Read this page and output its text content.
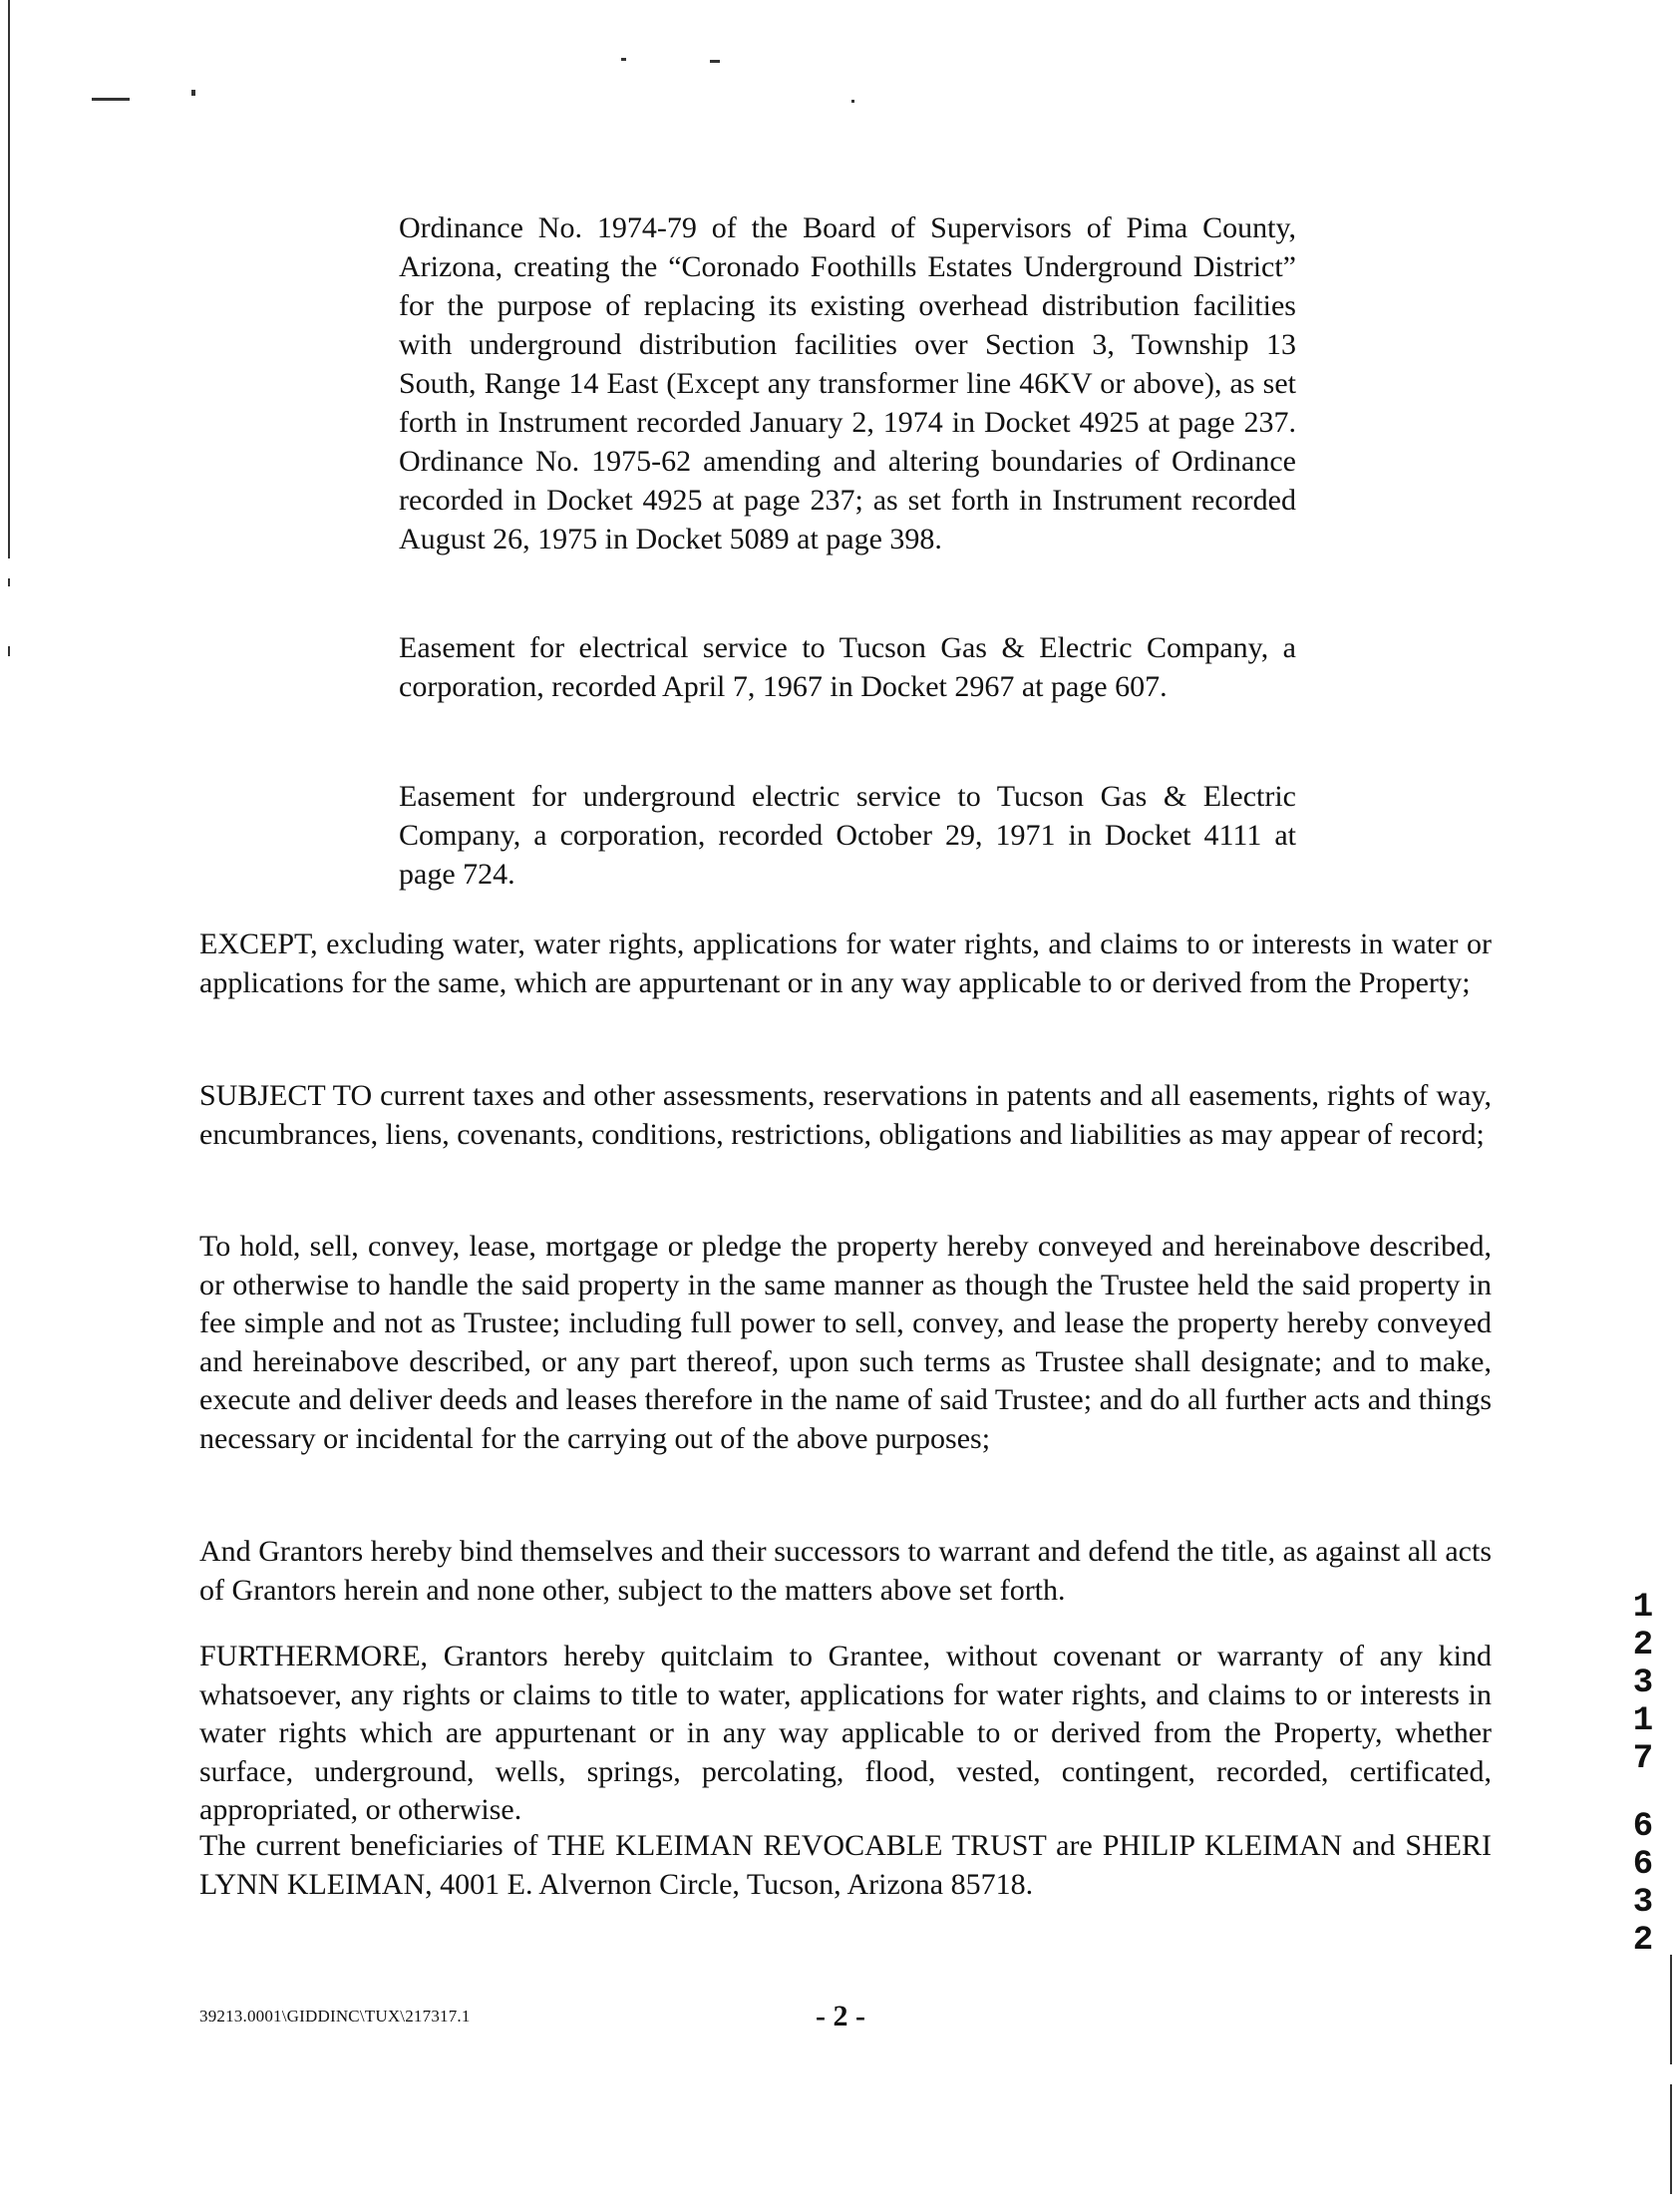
Ordinance No. 1974-79 of the Board of Supervisors of Pima County, Arizona, creating the “Coronado Foothills Estates Underground District” for the purpose of replacing its existing overhead distribution facilities with underground distribution facilities over Section 3, Township 13 South, Range 14 East (Except any transformer line 46KV or above), as set forth in Instrument recorded January 2, 1974 in Docket 4925 at page 237. Ordinance No. 1975-62 amending and altering boundaries of Ordinance recorded in Docket 4925 at page 237; as set forth in Instrument recorded August 26, 1975 in Docket 5089 at page 398.

Easement for electrical service to Tucson Gas & Electric Company, a corporation, recorded April 7, 1967 in Docket 2967 at page 607.

Easement for underground electric service to Tucson Gas & Electric Company, a corporation, recorded October 29, 1971 in Docket 4111 at page 724.

EXCEPT, excluding water, water rights, applications for water rights, and claims to or interests in water or applications for the same, which are appurtenant or in any way applicable to or derived from the Property;

SUBJECT TO current taxes and other assessments, reservations in patents and all easements, rights of way, encumbrances, liens, covenants, conditions, restrictions, obligations and liabilities as may appear of record;

To hold, sell, convey, lease, mortgage or pledge the property hereby conveyed and hereinabove described, or otherwise to handle the said property in the same manner as though the Trustee held the said property in fee simple and not as Trustee; including full power to sell, convey, and lease the property hereby conveyed and hereinabove described, or any part thereof, upon such terms as Trustee shall designate; and to make, execute and deliver deeds and leases therefore in the name of said Trustee; and do all further acts and things necessary or incidental for the carrying out of the above purposes;

And Grantors hereby bind themselves and their successors to warrant and defend the title, as against all acts of Grantors herein and none other, subject to the matters above set forth.

FURTHERMORE, Grantors hereby quitclaim to Grantee, without covenant or warranty of any kind whatsoever, any rights or claims to title to water, applications for water rights, and claims to or interests in water rights which are appurtenant or in any way applicable to or derived from the Property, whether surface, underground, wells, springs, percolating, flood, vested, contingent, recorded, certificated, appropriated, or otherwise.

The current beneficiaries of THE KLEIMAN REVOCABLE TRUST are PHILIP KLEIMAN and SHERI LYNN KLEIMAN, 4001 E. Alvernon Circle, Tucson, Arizona 85718.

1
2
3
1
7
6
6
3
2
39213.0001\GIDDINC\TUX\217317.1	- 2 -
